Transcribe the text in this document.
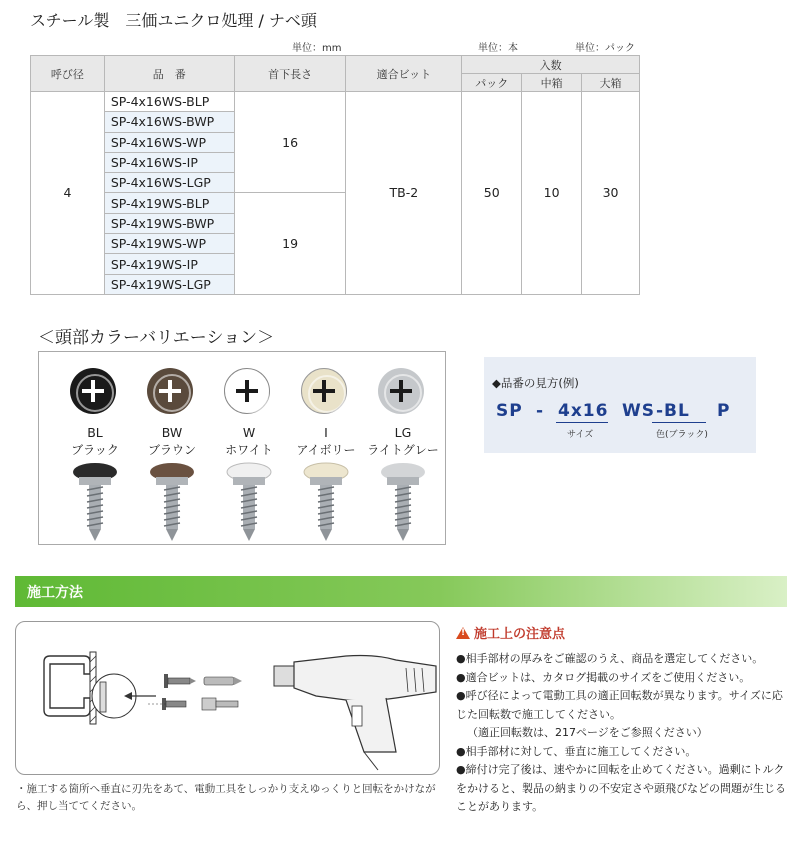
スチール製　三価ユニクロ処理 / ナベ頭
単位：mm	単位：本	単位：パック
呼び径	品　番	首下長さ	適合ビット	入数		
				パック	中箱	大箱
4	SP-4x16WS-BLP	16	TB-2	50	10	30
	SP-4x16WS-BWP					
	SP-4x16WS-WP					
	SP-4x16WS-IP					
	SP-4x16WS-LGP					
	SP-4x19WS-BLP	19				
	SP-4x19WS-BWP					
	SP-4x19WS-WP					
	SP-4x19WS-IP					
	SP-4x19WS-LGP					
＜頭部カラーバリエーション＞
BL
ブラック
BW
ブラウン
W
ホワイト
I
アイボリー
LG
ライトグレー
◆品番の見方(例)
SP - 4x16 WS -BL P
サイズ	色(ブラック)
施工方法
・施工する箇所へ垂直に刃先をあて、電動工具をしっかり支えゆっくりと回転をかけながら、押し当ててください。
!施工上の注意点
●相手部材の厚みをご確認のうえ、商品を選定してください。
●適合ビットは、カタログ掲載のサイズをご使用ください。
●呼び径によって電動工具の適正回転数が異なります。サイズに応じた回転数で施工してください。
（適正回転数は、217ページをご参照ください）
●相手部材に対して、垂直に施工してください。
●締付け完了後は、速やかに回転を止めてください。過剰にトルクをかけると、製品の納まりの不安定さや頭飛びなどの問題が生じることがあります。
